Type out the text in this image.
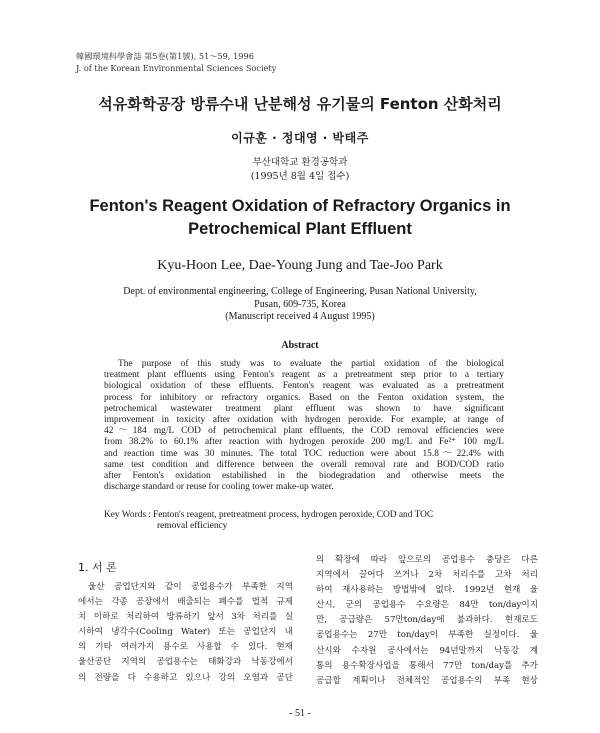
韓國環境科學會誌 第5卷(第1號), 51～59, 1996
J. of the Korean Environmental Sciences Society
석유화학공장 방류수내 난분해성 유기물의 Fenton 산화처리
이규훈 · 정대영 · 박태주
부산대학교 환경공학과
(1995년 8월 4일 접수)
Fenton's Reagent Oxidation of Refractory Organics in
Petrochemical Plant Effluent
Kyu-Hoon Lee, Dae-Young Jung and Tae-Joo Park
Dept. of environmental engineering, College of Engineering, Pusan National University,
Pusan, 609-735, Korea
(Manuscript received 4 August 1995)
Abstract
The purpose of this study was to evaluate the partial oxidation of the biological
treatment plant effluents using Fenton's reagent as a pretreatment step prior to a tertiary
biological oxidation of these effluents. Fenton's reagent was evaluated as a pretreatment
process for inhibitory or refractory organics. Based on the Fenton oxidation system, the
petrochemical wastewater treatment plant effluent was shown to have significant
improvement in toxicity after oxidation with hydrogen peroxide. For example, at range of
42～184 mg/L COD of petrochemical plant effluents, the COD removal efficiencies were
from 38.2% to 60.1% after reaction with hydrogen peroxide 200 mg/L and Fe²⁺ 100 mg/L
and reaction time was 30 minutes. The total TOC reduction were about 15.8～22.4% with
same test condition and difference between the overall removal rate and BOD/COD ratio
after Fenton's oxidation estabilished in the biodegradation and otherwise meets the
discharge standard or reuse for cooling tower make-up water.
Key Words : Fenton's reagent, pretreatment process, hydrogen peroxide, COD and TOC
removal efficiency
1. 서 론
울산 공업단지와 같이 공업용수가 부족한 지역
에서는 각종 공장에서 배출되는 폐수를 법적 규제
치 이하로 처리하여 방류하기 앞서 3차 처리를 실
시하여 냉각수(Cooling Water) 또는 공업단지 내
의 기타 여러가지 용수로 사용할 수 있다. 현재
울산공단 지역의 공업용수는 태화강과 낙동강에서
의 전량을 다 수용하고 있으나 강의 오염과 공단
의 확장에 따라 앞으로의 공업용수 충당은 다른
지역에서 끌어다 쓰거나 2차 처리수를 고차 처리
하여 재사용하는 방법밖에 없다. 1992년 현재 울
산시, 군의 공업용수 수요량은 84만 ton/day이지
만, 공급량은 57만ton/day에 불과하다. 현재로도
공업용수는 27만 ton/day이 부족한 실정이다. 울
산시와 수자원 공사에서는 94년말까지 낙동강 계
통의 용수확장사업을 통해서 77만 ton/day를 추가
공급할 계획이나 전체적인 공업용수의 부족 현상
- 51 -
